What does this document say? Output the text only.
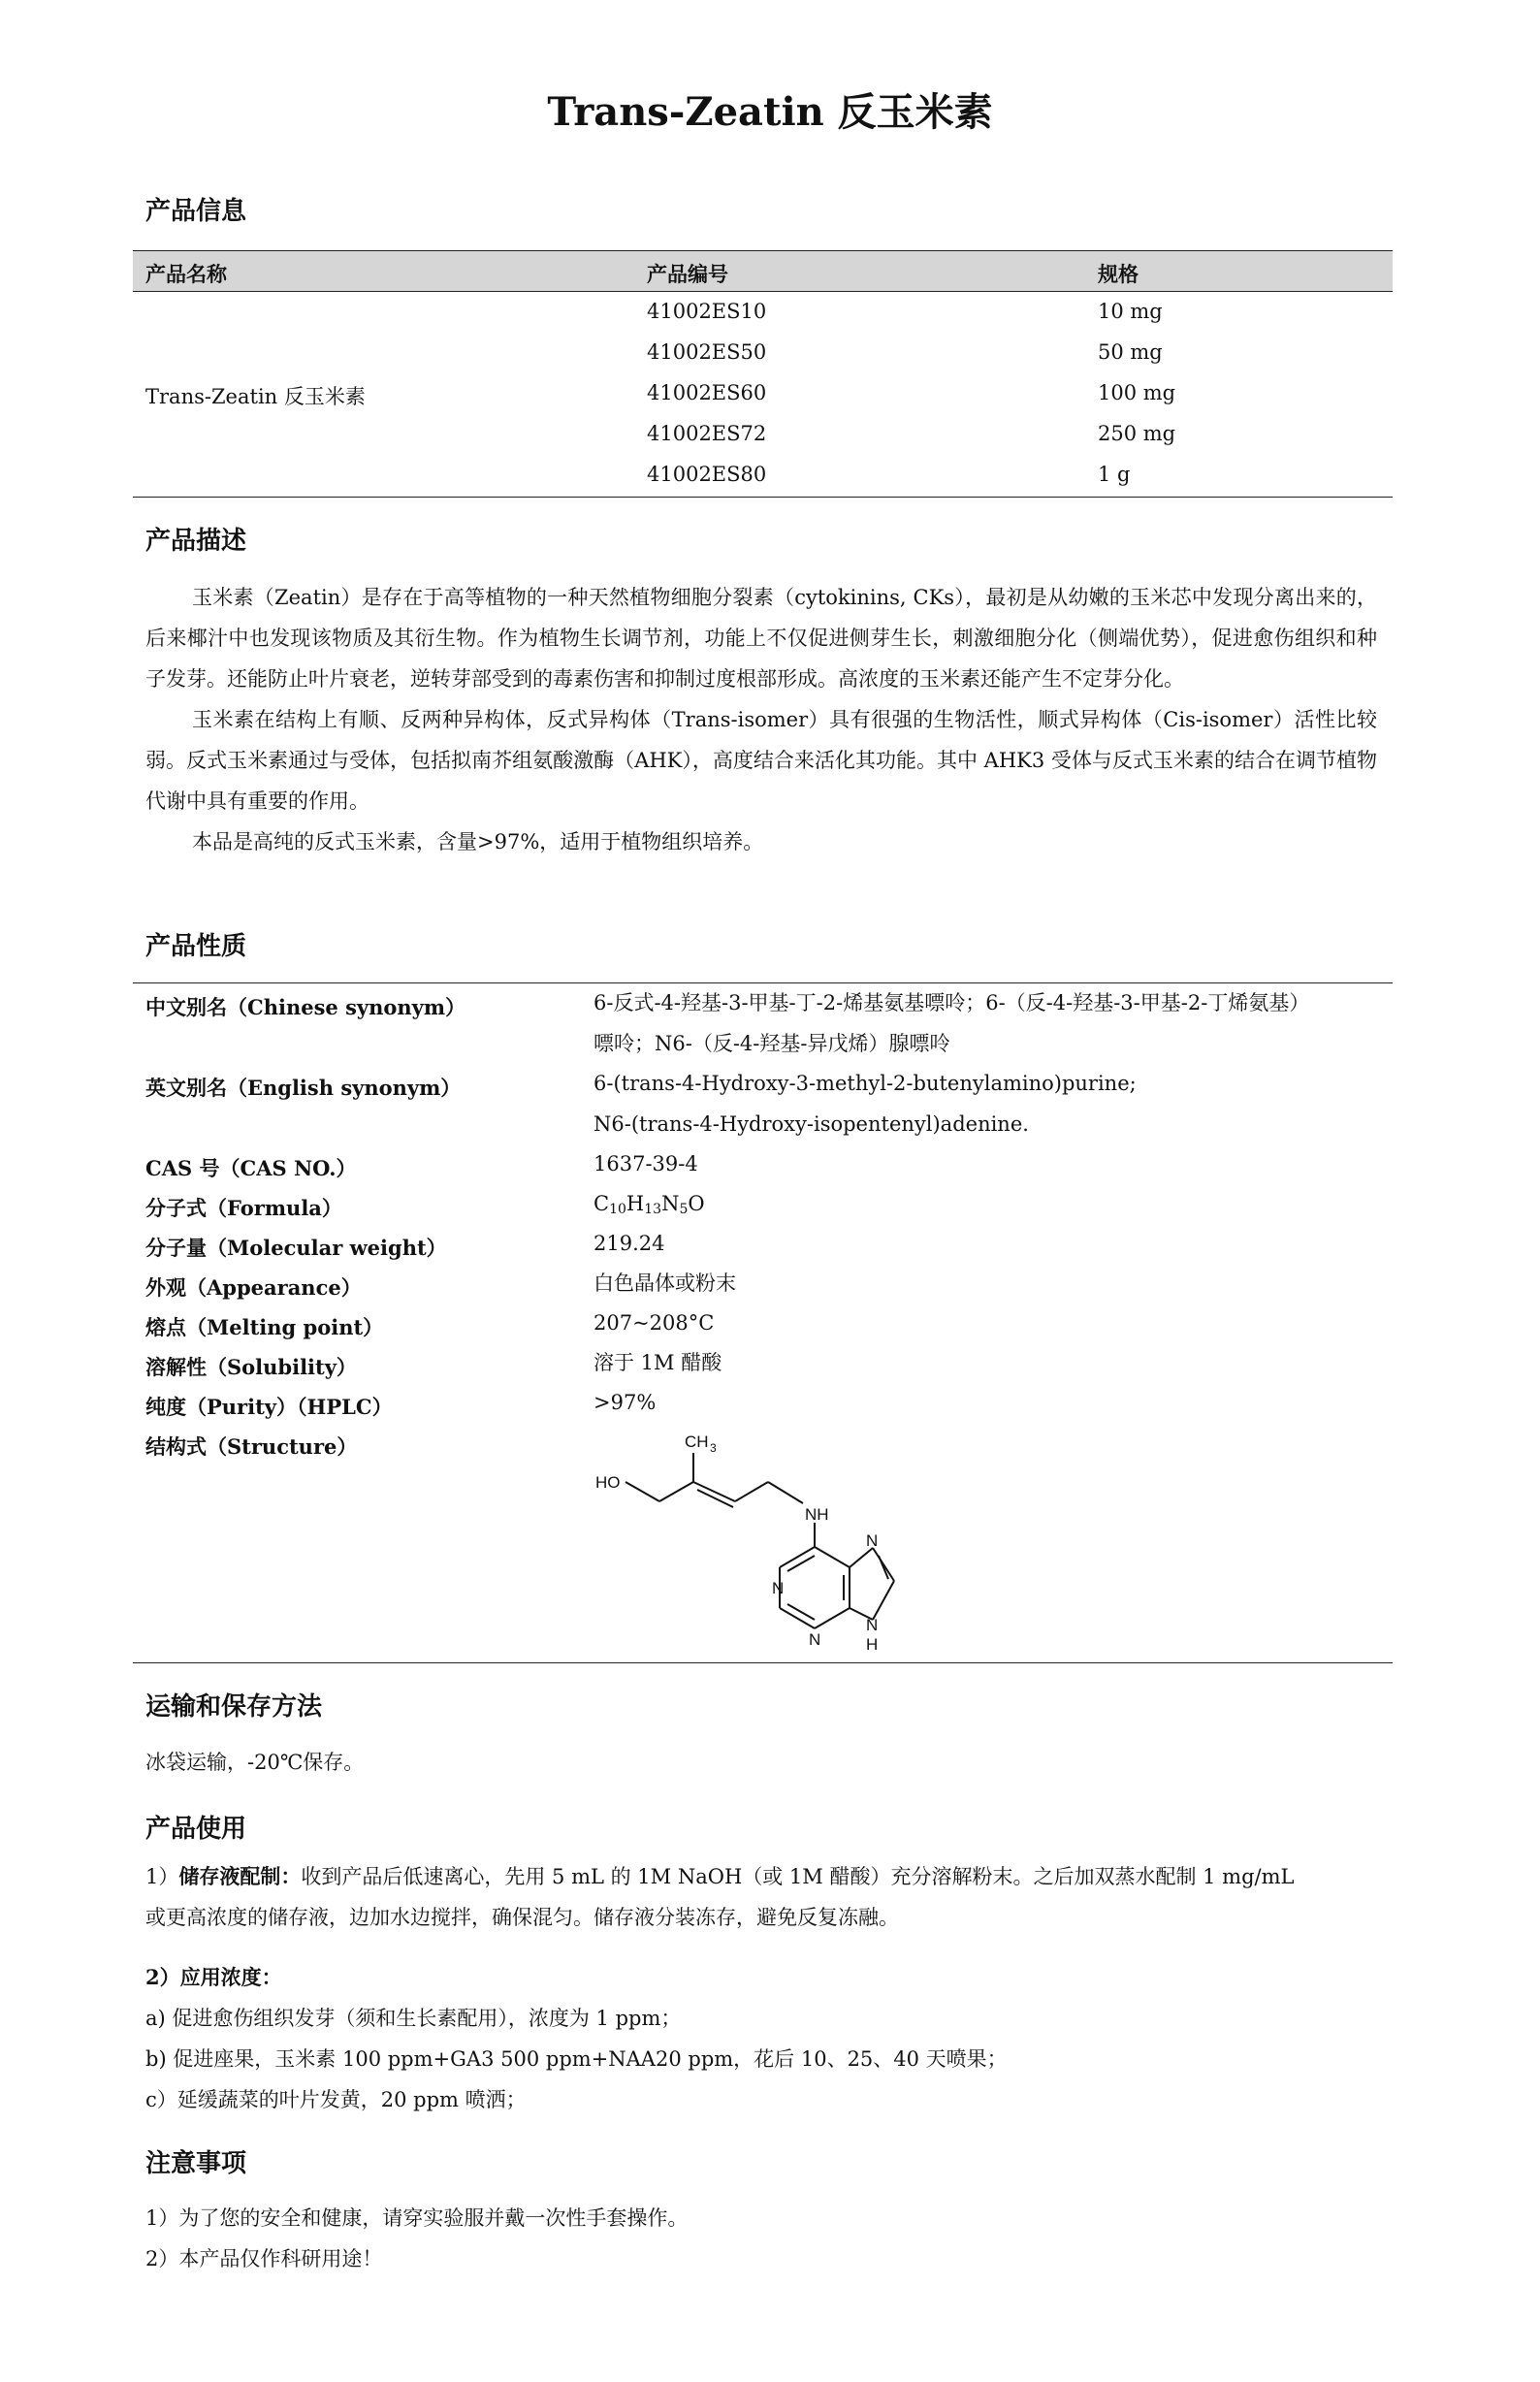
Trans-Zeatin 反玉米素
产品信息
产品名称	产品编号	规格
Trans-Zeatin 反玉米素
41002ES10	10 mg
41002ES50	50 mg
41002ES60	100 mg
41002ES72	250 mg
41002ES80	1 g
产品描述

玉米素（Zeatin）是存在于高等植物的一种天然植物细胞分裂素（cytokinins, CKs），最初是从幼嫩的玉米芯中发现分离出来的，后来椰汁中也发现该物质及其衍生物。作为植物生长调节剂，功能上不仅促进侧芽生长，刺激细胞分化（侧端优势），促进愈伤组织和种子发芽。还能防止叶片衰老，逆转芽部受到的毒素伤害和抑制过度根部形成。高浓度的玉米素还能产生不定芽分化。

玉米素在结构上有顺、反两种异构体，反式异构体（Trans-isomer）具有很强的生物活性，顺式异构体（Cis-isomer）活性比较弱。反式玉米素通过与受体，包括拟南芥组氨酸激酶（AHK），高度结合来活化其功能。其中 AHK3 受体与反式玉米素的结合在调节植物代谢中具有重要的作用。

本品是高纯的反式玉米素，含量>97%，适用于植物组织培养。

产品性质
中文别名（Chinese synonym）	6-反式-4-羟基-3-甲基-丁-2-烯基氨基嘌呤；6-（反-4-羟基-3-甲基-2-丁烯氨基）
嘌呤；N6-（反-4-羟基-异戊烯）腺嘌呤
英文别名（English synonym）	6-(trans-4-Hydroxy-3-methyl-2-butenylamino)purine;
N6-(trans-4-Hydroxy-isopentenyl)adenine.
CAS 号（CAS NO.）	1637-39-4
分子式（Formula）	$C_{10}H_{13}N_5O$
分子量（Molecular weight）	219.24
外观（Appearance）	白色晶体或粉末
熔点（Melting point）	207~208°C
溶解性（Solubility）	溶于 1M 醋酸
纯度（Purity）（HPLC）	>97%
结构式（Structure）
HO
CH 3
NH
N
N
N
N
H
运输和保存方法
冰袋运输，-20℃保存。
产品使用
1）储存液配制：收到产品后低速离心，先用 5 mL 的 1M NaOH（或 1M 醋酸）充分溶解粉末。之后加双蒸水配制 1 mg/mL
或更高浓度的储存液，边加水边搅拌，确保混匀。储存液分装冻存，避免反复冻融。
2）应用浓度：
a) 促进愈伤组织发芽（须和生长素配用），浓度为 1 ppm；
b) 促进座果，玉米素 100 ppm+GA3 500 ppm+NAA20 ppm，花后 10、25、40 天喷果；
c）延缓蔬菜的叶片发黄，20 ppm 喷洒；
注意事项
1）为了您的安全和健康，请穿实验服并戴一次性手套操作。
2）本产品仅作科研用途！
